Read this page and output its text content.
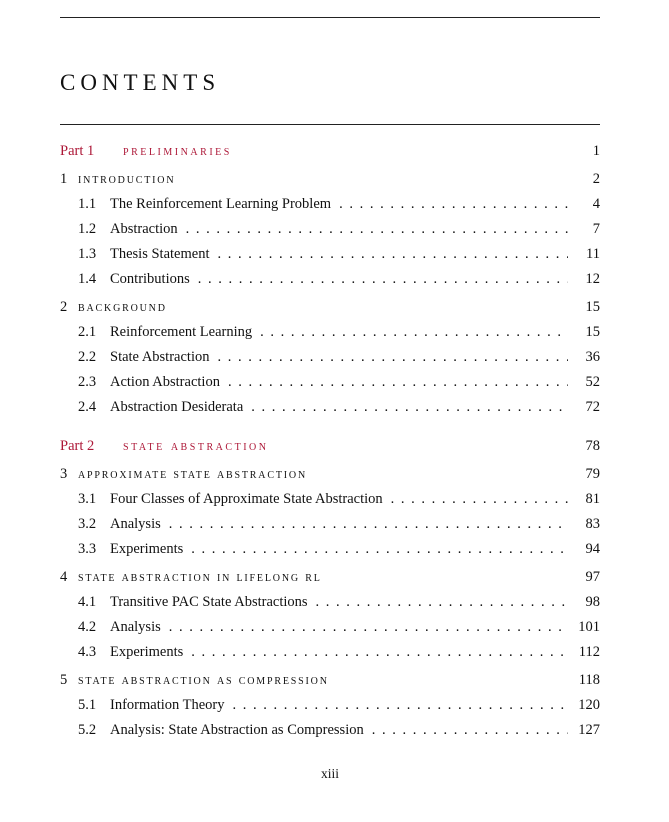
CONTENTS
Part 1	preliminaries	1
1 introduction	2
1.1 The Reinforcement Learning Problem . . .	4
1.2 Abstraction . . .	7
1.3 Thesis Statement . . .	11
1.4 Contributions . . .	12
2 background	15
2.1 Reinforcement Learning . . .	15
2.2 State Abstraction . . .	36
2.3 Action Abstraction . . .	52
2.4 Abstraction Desiderata . . .	72
Part 2	state abstraction	78
3 approximate state abstraction	79
3.1 Four Classes of Approximate State Abstraction . . .	81
3.2 Analysis . . .	83
3.3 Experiments . . .	94
4 state abstraction in lifelong rl	97
4.1 Transitive PAC State Abstractions . . .	98
4.2 Analysis . . .	101
4.3 Experiments . . .	112
5 state abstraction as compression	118
5.1 Information Theory . . .	120
5.2 Analysis: State Abstraction as Compression . . .	127
xiii
